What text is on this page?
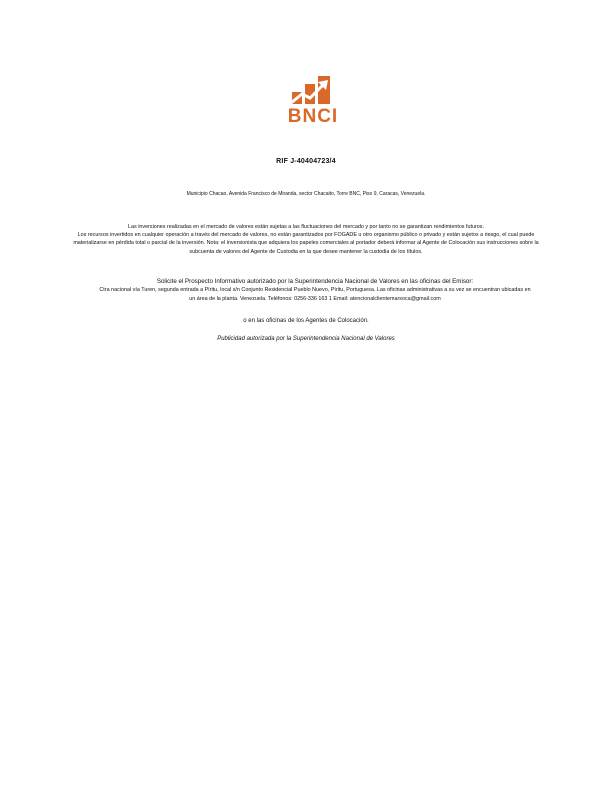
BNCI
RIF J-40404723/4
Municipio Chacao, Avenida Francisco de Miranda, sector Chacaito, Torre BNC, Piso 9, Caracas, Venezuela.

Las inversiones realizadas en el mercado de valores están sujetas a las fluctuaciones del mercado y por tanto no se garantizan rendimientos futuros.

Los recursos invertidos en cualquier operación a través del mercado de valores, no están garantizados por FOGADE u otro organismo público o privado y están sujetos a riesgo, el cual puede materializarse en pérdida total o parcial de la inversión. Nota: el inversionista que adquiera los papeles comerciales al portador deberá informar al Agente de Colocación sus instrucciones sobre la subcuenta de valores del Agente de Custodia en la que desee mantener la custodia de los títulos.

Solicite el Prospecto Informativo autorizado por la Superintendencia Nacional de Valores en las oficinas del Emisor:

Ctra nacional vía Turen, segunda entrada a Píritu, local s/n Conjunto Residencial Pueblo Nuevo, Píritu, Portuguesa. Las oficinas administrativas a su vez se encuentran ubicadas en un área de la planta. Venezuela. Teléfonos: 0256-336 163 1 Email: atencionalclientemarsoca@gmail.com

o en las oficinas de los Agentes de Colocación.
Publicidad autorizada por la Superintendencia Nacional de Valores
